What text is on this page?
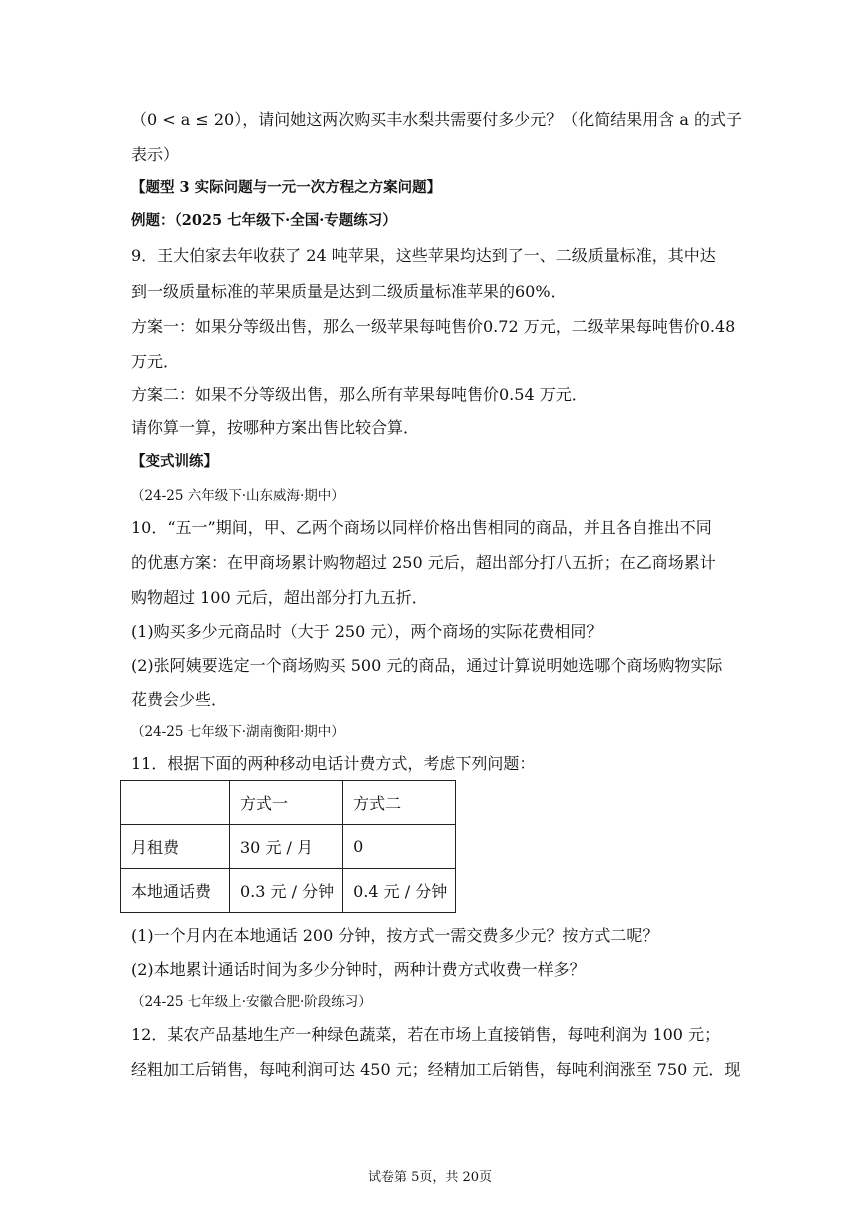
（0 < a ≤ 20），请问她这两次购买丰水梨共需要付多少元？（化简结果用含 a 的式子
表示）
【题型 3 实际问题与一元一次方程之方案问题】
例题：（2025 七年级下·全国·专题练习）
9．王大伯家去年收获了 24 吨苹果，这些苹果均达到了一、二级质量标准，其中达
到一级质量标准的苹果质量是达到二级质量标准苹果的60%．
方案一：如果分等级出售，那么一级苹果每吨售价0.72 万元，二级苹果每吨售价0.48
万元．
方案二：如果不分等级出售，那么所有苹果每吨售价0.54 万元．
请你算一算，按哪种方案出售比较合算．
【变式训练】
（24-25 六年级下·山东威海·期中）
10．“五一”期间，甲、乙两个商场以同样价格出售相同的商品，并且各自推出不同
的优惠方案：在甲商场累计购物超过 250 元后，超出部分打八五折；在乙商场累计
购物超过 100 元后，超出部分打九五折．
(1)购买多少元商品时（大于 250 元），两个商场的实际花费相同？
(2)张阿姨要选定一个商场购买 500 元的商品，通过计算说明她选哪个商场购物实际
花费会少些．
（24-25 七年级下·湖南衡阳·期中）
11．根据下面的两种移动电话计费方式，考虑下列问题：
	方式一	方式二
月租费	30 元 / 月	0
本地通话费	0.3 元 / 分钟	0.4 元 / 分钟
(1)一个月内在本地通话 200 分钟，按方式一需交费多少元？按方式二呢？
(2)本地累计通话时间为多少分钟时，两种计费方式收费一样多？
（24-25 七年级上·安徽合肥·阶段练习）
12．某农产品基地生产一种绿色蔬菜，若在市场上直接销售，每吨利润为 100 元；
经粗加工后销售，每吨利润可达 450 元；经精加工后销售，每吨利润涨至 750 元．现
试卷第 5页，共 20页
